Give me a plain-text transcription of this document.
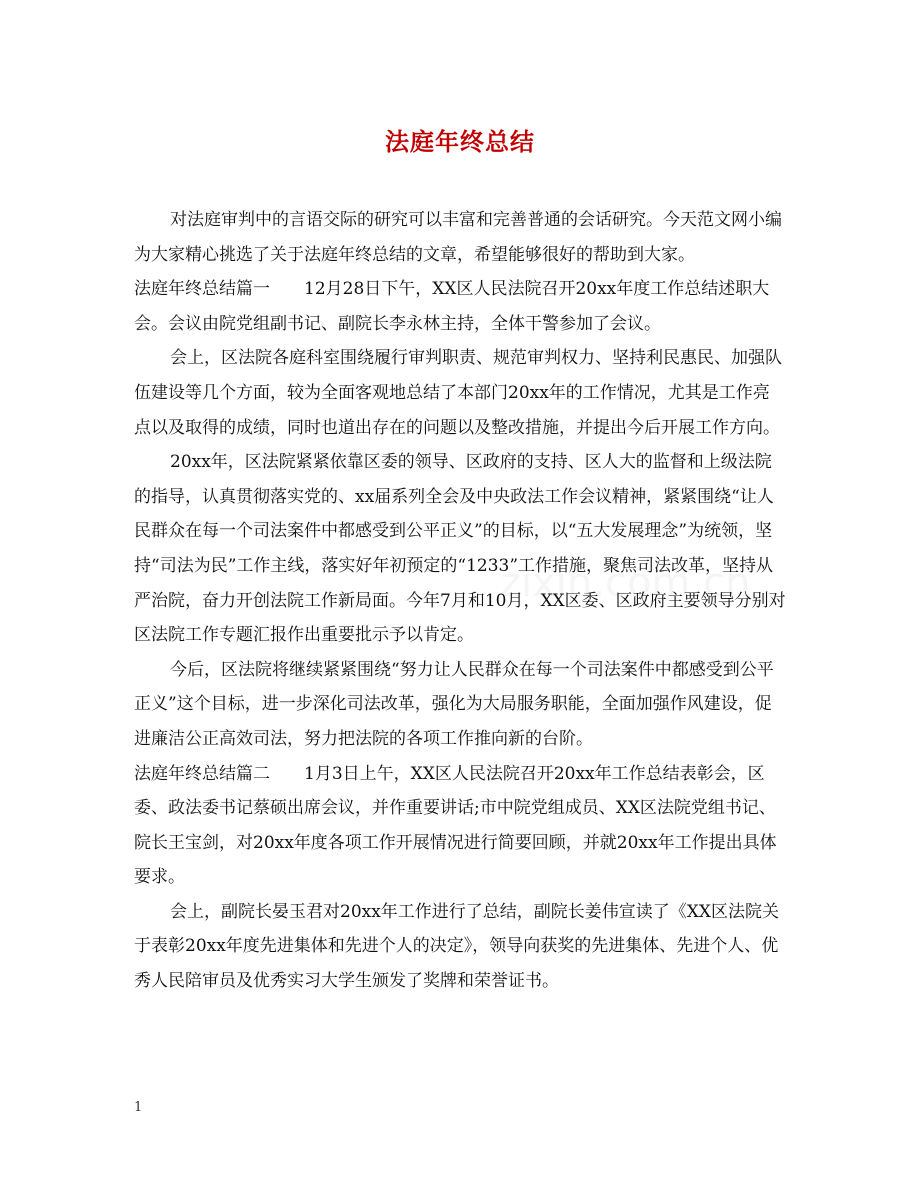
法庭年终总结

对法庭审判中的言语交际的研究可以丰富和完善普通的会话研究。今天范文网小编为大家精心挑选了关于法庭年终总结的文章，希望能够很好的帮助到大家。

法庭年终总结篇一　　12月28日下午，XX区人民法院召开20xx年度工作总结述职大会。会议由院党组副书记、副院长李永林主持，全体干警参加了会议。

会上，区法院各庭科室围绕履行审判职责、规范审判权力、坚持利民惠民、加强队伍建设等几个方面，较为全面客观地总结了本部门20xx年的工作情况，尤其是工作亮点以及取得的成绩，同时也道出存在的问题以及整改措施，并提出今后开展工作方向。

20xx年，区法院紧紧依靠区委的领导、区政府的支持、区人大的监督和上级法院的指导，认真贯彻落实党的、xx届系列全会及中央政法工作会议精神，紧紧围绕“让人民群众在每一个司法案件中都感受到公平正义”的目标，以“五大发展理念”为统领，坚持“司法为民”工作主线，落实好年初预定的“1233”工作措施，聚焦司法改革，坚持从严治院，奋力开创法院工作新局面。今年7月和10月，XX区委、区政府主要领导分别对区法院工作专题汇报作出重要批示予以肯定。

今后，区法院将继续紧紧围绕“努力让人民群众在每一个司法案件中都感受到公平正义”这个目标，进一步深化司法改革，强化为大局服务职能，全面加强作风建设，促进廉洁公正高效司法，努力把法院的各项工作推向新的台阶。

法庭年终总结篇二　　1月3日上午，XX区人民法院召开20xx年工作总结表彰会，区委、政法委书记蔡硕出席会议，并作重要讲话;市中院党组成员、XX区法院党组书记、院长王宝剑，对20xx年度各项工作开展情况进行简要回顾，并就20xx年工作提出具体要求。

会上，副院长晏玉君对20xx年工作进行了总结，副院长姜伟宣读了《XX区法院关于表彰20xx年度先进集体和先进个人的决定》，领导向获奖的先进集体、先进个人、优秀人民陪审员及优秀实习大学生颁发了奖牌和荣誉证书。

1
